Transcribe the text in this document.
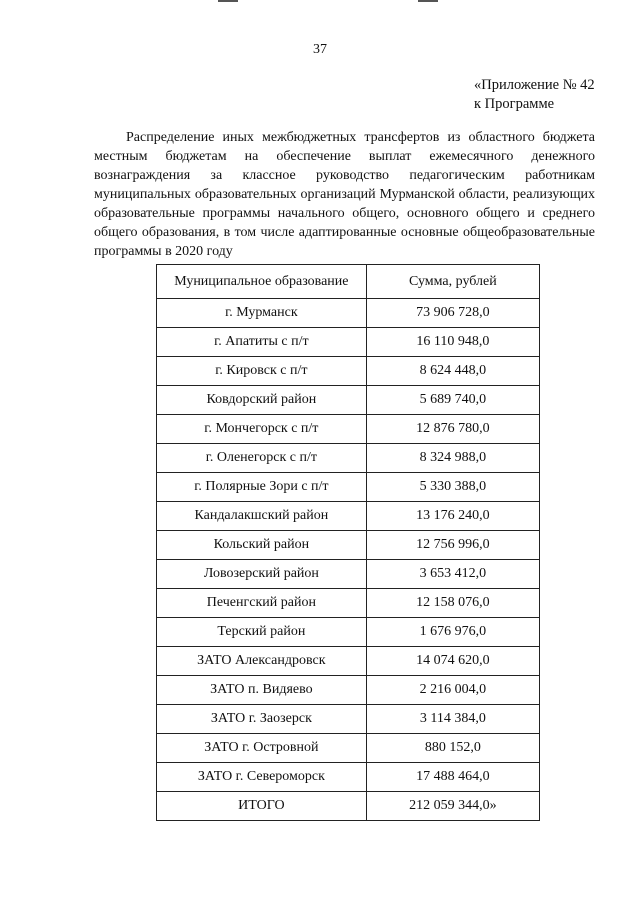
37
«Приложение № 42
к Программе
Распределение иных межбюджетных трансфертов из областного бюджета местным бюджетам на обеспечение выплат ежемесячного денежного вознаграждения за классное руководство педагогическим работникам муниципальных образовательных организаций Мурманской области, реализующих образовательные программы начального общего, основного общего и среднего общего образования, в том числе адаптированные основные общеобразовательные программы в 2020 году
Муниципальное образование	Сумма, рублей
г. Мурманск	73 906 728,0
г. Апатиты с п/т	16 110 948,0
г. Кировск с п/т	8 624 448,0
Ковдорский район	5 689 740,0
г. Мончегорск с п/т	12 876 780,0
г. Оленегорск с п/т	8 324 988,0
г. Полярные Зори с п/т	5 330 388,0
Кандалакшский район	13 176 240,0
Кольский район	12 756 996,0
Ловозерский район	3 653 412,0
Печенгский район	12 158 076,0
Терский район	1 676 976,0
ЗАТО Александровск	14 074 620,0
ЗАТО п. Видяево	2 216 004,0
ЗАТО г. Заозерск	3 114 384,0
ЗАТО г. Островной	880 152,0
ЗАТО г. Североморск	17 488 464,0
ИТОГО	212 059 344,0»
